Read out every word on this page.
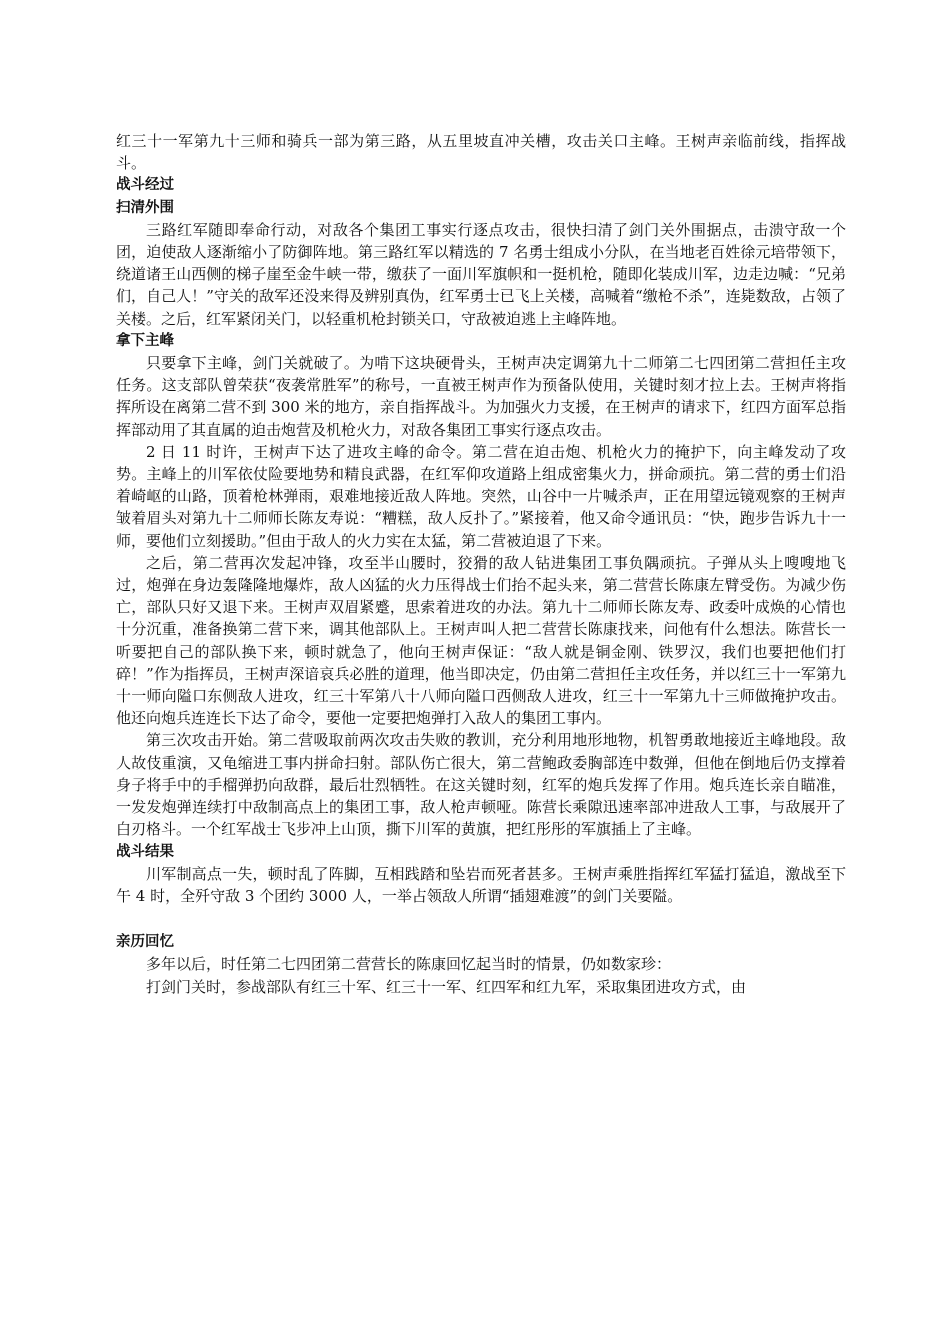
红三十一军第九十三师和骑兵一部为第三路，从五里坡直冲关槽，攻击关口主峰。王树声亲临前线，指挥战斗。

战斗经过

扫清外围

三路红军随即奉命行动，对敌各个集团工事实行逐点攻击，很快扫清了剑门关外围据点，击溃守敌一个团，迫使敌人逐渐缩小了防御阵地。第三路红军以精选的 7 名勇士组成小分队，在当地老百姓徐元培带领下，绕道诸王山西侧的梯子崖至金牛峡一带，缴获了一面川军旗帜和一挺机枪，随即化装成川军，边走边喊：“兄弟们，自己人！”守关的敌军还没来得及辨别真伪，红军勇士已飞上关楼，高喊着“缴枪不杀”，连毙数敌，占领了关楼。之后，红军紧闭关门，以轻重机枪封锁关口，守敌被迫逃上主峰阵地。

拿下主峰

只要拿下主峰，剑门关就破了。为啃下这块硬骨头，王树声决定调第九十二师第二七四团第二营担任主攻任务。这支部队曾荣获“夜袭常胜军”的称号，一直被王树声作为预备队使用，关键时刻才拉上去。王树声将指挥所设在离第二营不到 300 米的地方，亲自指挥战斗。为加强火力支援，在王树声的请求下，红四方面军总指挥部动用了其直属的迫击炮营及机枪火力，对敌各集团工事实行逐点攻击。

2 日 11 时许，王树声下达了进攻主峰的命令。第二营在迫击炮、机枪火力的掩护下，向主峰发动了攻势。主峰上的川军依仗险要地势和精良武器，在红军仰攻道路上组成密集火力，拼命顽抗。第二营的勇士们沿着崎岖的山路，顶着枪林弹雨，艰难地接近敌人阵地。突然，山谷中一片喊杀声，正在用望远镜观察的王树声皱着眉头对第九十二师师长陈友寿说：“糟糕，敌人反扑了。”紧接着，他又命令通讯员：“快，跑步告诉九十一师，要他们立刻援助。”但由于敌人的火力实在太猛，第二营被迫退了下来。

之后，第二营再次发起冲锋，攻至半山腰时，狡猾的敌人钻进集团工事负隅顽抗。子弹从头上嗖嗖地飞过，炮弹在身边轰隆隆地爆炸，敌人凶猛的火力压得战士们抬不起头来，第二营营长陈康左臂受伤。为减少伤亡，部队只好又退下来。王树声双眉紧蹙，思索着进攻的办法。第九十二师师长陈友寿、政委叶成焕的心情也十分沉重，准备换第二营下来，调其他部队上。王树声叫人把二营营长陈康找来，问他有什么想法。陈营长一听要把自己的部队换下来，顿时就急了，他向王树声保证：“敌人就是铜金刚、铁罗汉，我们也要把他们打碎！”作为指挥员，王树声深谙哀兵必胜的道理，他当即决定，仍由第二营担任主攻任务，并以红三十一军第九十一师向隘口东侧敌人进攻，红三十军第八十八师向隘口西侧敌人进攻，红三十一军第九十三师做掩护攻击。他还向炮兵连连长下达了命令，要他一定要把炮弹打入敌人的集团工事内。

第三次攻击开始。第二营吸取前两次攻击失败的教训，充分利用地形地物，机智勇敢地接近主峰地段。敌人故伎重演，又龟缩进工事内拼命扫射。部队伤亡很大，第二营鲍政委胸部连中数弹，但他在倒地后仍支撑着身子将手中的手榴弹扔向敌群，最后壮烈牺牲。在这关键时刻，红军的炮兵发挥了作用。炮兵连长亲自瞄准，一发发炮弹连续打中敌制高点上的集团工事，敌人枪声顿哑。陈营长乘隙迅速率部冲进敌人工事，与敌展开了白刃格斗。一个红军战士飞步冲上山顶，撕下川军的黄旗，把红彤彤的军旗插上了主峰。

战斗结果

川军制高点一失，顿时乱了阵脚，互相践踏和坠岩而死者甚多。王树声乘胜指挥红军猛打猛追，激战至下午 4 时，全歼守敌 3 个团约 3000 人，一举占领敌人所谓“插翅难渡”的剑门关要隘。

亲历回忆

多年以后，时任第二七四团第二营营长的陈康回忆起当时的情景，仍如数家珍：

打剑门关时，参战部队有红三十军、红三十一军、红四军和红九军，采取集团进攻方式，由
